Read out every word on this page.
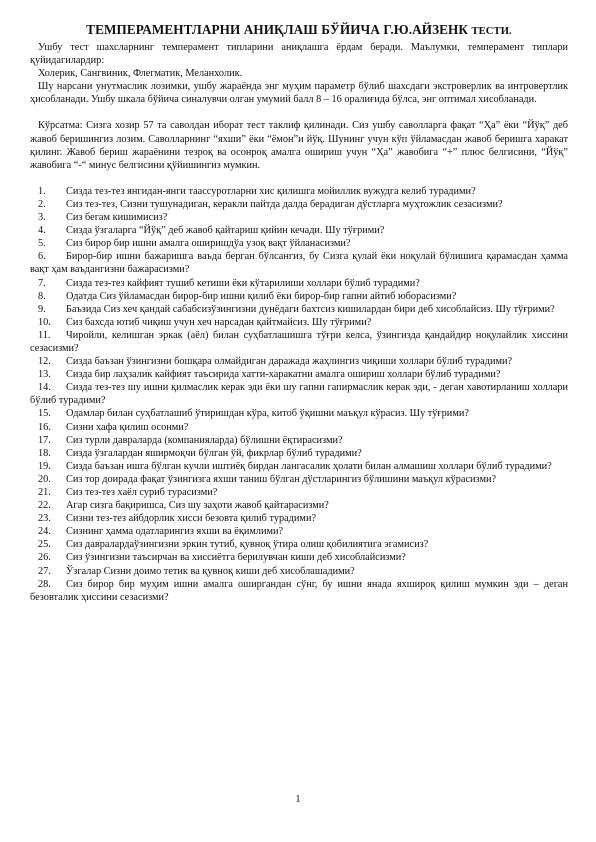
ТЕМПЕРАМЕНТЛАРНИ АНИҚЛАШ БЎЙИЧА Г.Ю.АЙЗЕНК ТЕСТИ.

Ушбу тест шахсларнинг темперамент типларини аниқлашга ёрдам беради. Маълумки, темперамент типлари қуйидагилардир:

Холерик, Сангвиник, Флегматик, Меланхолик.

Шу нарсани унутмаслик лозимки, ушбу жараёнда энг муҳим параметр бўлиб шахсдаги экстроверлик ва интровертлик ҳисобланади. Ушбу шкала бўйича синалувчи олган умумий балл 8 – 16 оралиғида бўлса, энг оптимал хисобланади.

Кўрсатма: Сизга хозир 57 та саволдан иборат тест таклиф қилинади. Сиз ушбу саволларга фақат “Ҳа” ёки “Йўқ” деб жавоб беришингиз лозим. Саволларнинг “яхши” ёки “ёмон”и йўқ. Шунинг учун кўп ўйламасдан жавоб беришга харакат қилинг. Жавоб бериш жараёнини тезроқ ва осонроқ амалга ошириш учун “Ҳа” жавобига “+” плюс белгисини, “Йўқ” жавобига “-“ минус белгисини қўйишингиз мумкин.

1. Сизда тез-тез янгидан-янги таассуротларни хис қилишга мойиллик вужудга келиб турадими?
2. Сиз тез-тез, Сизни тушунадиган, керакли пайтда далда берадиган дўстларга муҳтожлик сезасизми?
3. Сиз бегам кишимисиз?
4. Сизда ўзгаларга “Йўқ” деб жавоб қайтариш қийин кечади. Шу тўғрими?
5. Сиз бирор бир ишни амалга оширишдўа узоқ вақт ўйланасизми?
6. Бирор-бир ишни бажаришга ваъда берган бўлсангиз, бу Сизга қулай ёки ноқулай бўлишига қарамасдан ҳамма вақт ҳам ваъдангизни бажарасизми?
7. Сизда тез-тез кайфият тушиб кетиши ёки кўтарилиши холлари бўлиб турадими?
8. Одатда Сиз ўйламасдан бирор-бир ишни қилиб ёки бирор-бир гапни айтиб юборасизми?
9. Баъзида Сиз хеч қандай сабабсизўзингизни дунёдаги бахтсиз кишилардан бири деб хисоблайсиз. Шу тўғрими?
10. Сиз бахсда ютиб чиқиш учун хеч нарсадан қайтмайсиз. Шу тўғрими?
11. Чиройли, келишган эркак (аёл) билан суҳбатлашишга тўғри келса, ўзингизда қандайдир ноқулайлик хиссини сезасизми?
12. Сизда баъзан ўзингизни бошқара олмайдиган даражада жаҳлингиз чиқиши холлари бўлиб турадими?
13. Сизда бир лаҳзалик кайфият таъсирида хатти-харакатни амалга ошириш холлари бўлиб турадими?
14. Сизда тез-тез шу ишни қилмаслик керак эди ёки шу гапни гапирмаслик керак эди, - деган хавотирланиш холлари бўлиб турадими?
15. Одамлар билан суҳбатлашиб ўтиришдан кўра, китоб ўқишни маъқул кўрасиз. Шу тўғрими?
16. Сизни хафа қилиш осонми?
17. Сиз турли давраларда (компанияларда) бўлишни ёқтирасизми?
18. Сизда ўзгалардан яширмоқчи бўлган ўй, фикрлар бўлиб турадими?
19. Сизда баъзан ишга бўлган кучли иштиёқ бирдан лангасалик ҳолати билан алмашиш холлари бўлиб турадими?
20. Сиз тор доирада фақат ўзингизга яхши таниш бўлган дўстларингиз бўлишини маъқул кўрасизми?
21. Сиз тез-тез хаёл суриб турасизми?
22. Агар сизга бақиришса, Сиз шу заҳоти жавоб қайтарасизми?
23. Сизни тез-тез айбдорлик хисси безовта қилиб турадими?
24. Сизнинг ҳамма одатларингиз яхши ва ёқимлими?
25. Сиз давралардаўзингизни эркин тутиб, қувноқ ўтира олиш қобилиятига эгамисиз?
26. Сиз ўзингизни таъсирчан ва хиссиётга берилувчан киши деб хисоблайсизми?
27. Ўзгалар Сизни доимо тетик ва қувноқ киши деб хисоблашадими?
28. Сиз бирор бир муҳим ишни амалга оширгандан сўнг, бу ишни янада яхшироқ қилиш мумкин эди – деган безовталик ҳиссини сезасизми?
1
